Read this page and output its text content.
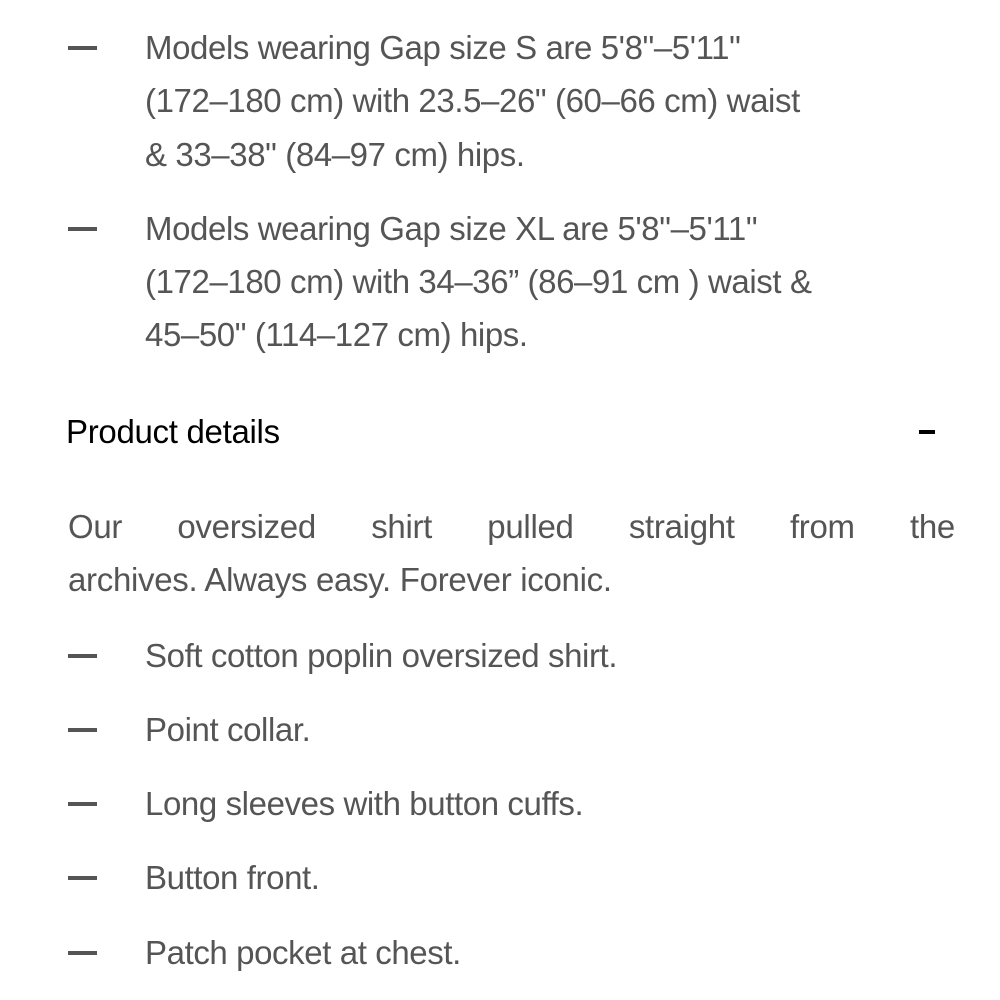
Models wearing Gap size S are 5'8"–5'11"
(172–180 cm) with 23.5–26" (60–66 cm) waist
& 33–38" (84–97 cm) hips.
Models wearing Gap size XL are 5'8"–5'11"
(172–180 cm) with 34–36” (86–91 cm ) waist &
45–50" (114–127 cm) hips.
Product details
Our oversized shirt pulled straight from the
archives. Always easy. Forever iconic.
Soft cotton poplin oversized shirt.
Point collar.
Long sleeves with button cuffs.
Button front.
Patch pocket at chest.
